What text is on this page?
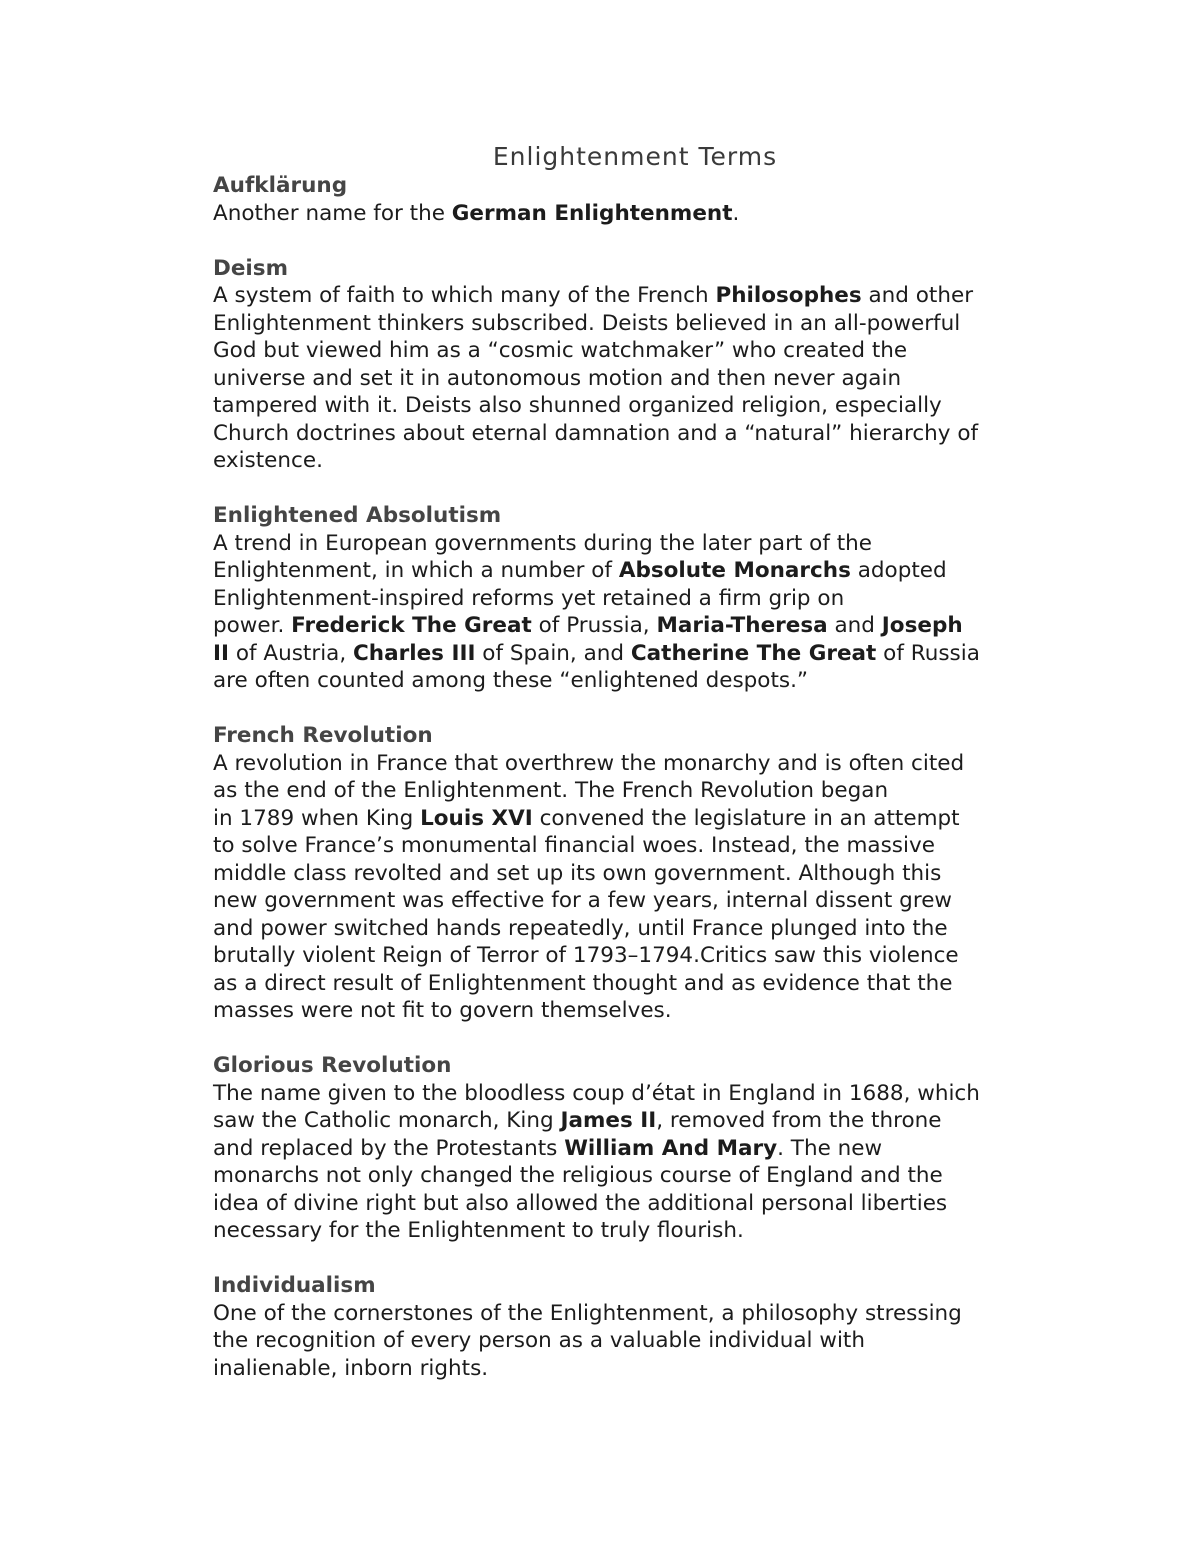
Enlightenment Terms
Aufklärung
Another name for the German Enlightenment.
Deism
A system of faith to which many of the French Philosophes and other
Enlightenment thinkers subscribed. Deists believed in an all-powerful
God but viewed him as a “cosmic watchmaker” who created the
universe and set it in autonomous motion and then never again
tampered with it. Deists also shunned organized religion, especially
Church doctrines about eternal damnation and a “natural” hierarchy of
existence.
Enlightened Absolutism
A trend in European governments during the later part of the
Enlightenment, in which a number of Absolute Monarchs adopted
Enlightenment-inspired reforms yet retained a firm grip on
power. Frederick The Great of Prussia, Maria-Theresa and Joseph
II of Austria, Charles III of Spain, and Catherine The Great of Russia
are often counted among these “enlightened despots.”
French Revolution
A revolution in France that overthrew the monarchy and is often cited
as the end of the Enlightenment. The French Revolution began
in 1789 when King Louis XVI convened the legislature in an attempt
to solve France’s monumental financial woes. Instead, the massive
middle class revolted and set up its own government. Although this
new government was effective for a few years, internal dissent grew
and power switched hands repeatedly, until France plunged into the
brutally violent Reign of Terror of 1793–1794.Critics saw this violence
as a direct result of Enlightenment thought and as evidence that the
masses were not fit to govern themselves.
Glorious Revolution
The name given to the bloodless coup d’état in England in 1688, which
saw the Catholic monarch, King James II, removed from the throne
and replaced by the Protestants William And Mary. The new
monarchs not only changed the religious course of England and the
idea of divine right but also allowed the additional personal liberties
necessary for the Enlightenment to truly flourish.
Individualism
One of the cornerstones of the Enlightenment, a philosophy stressing
the recognition of every person as a valuable individual with
inalienable, inborn rights.
